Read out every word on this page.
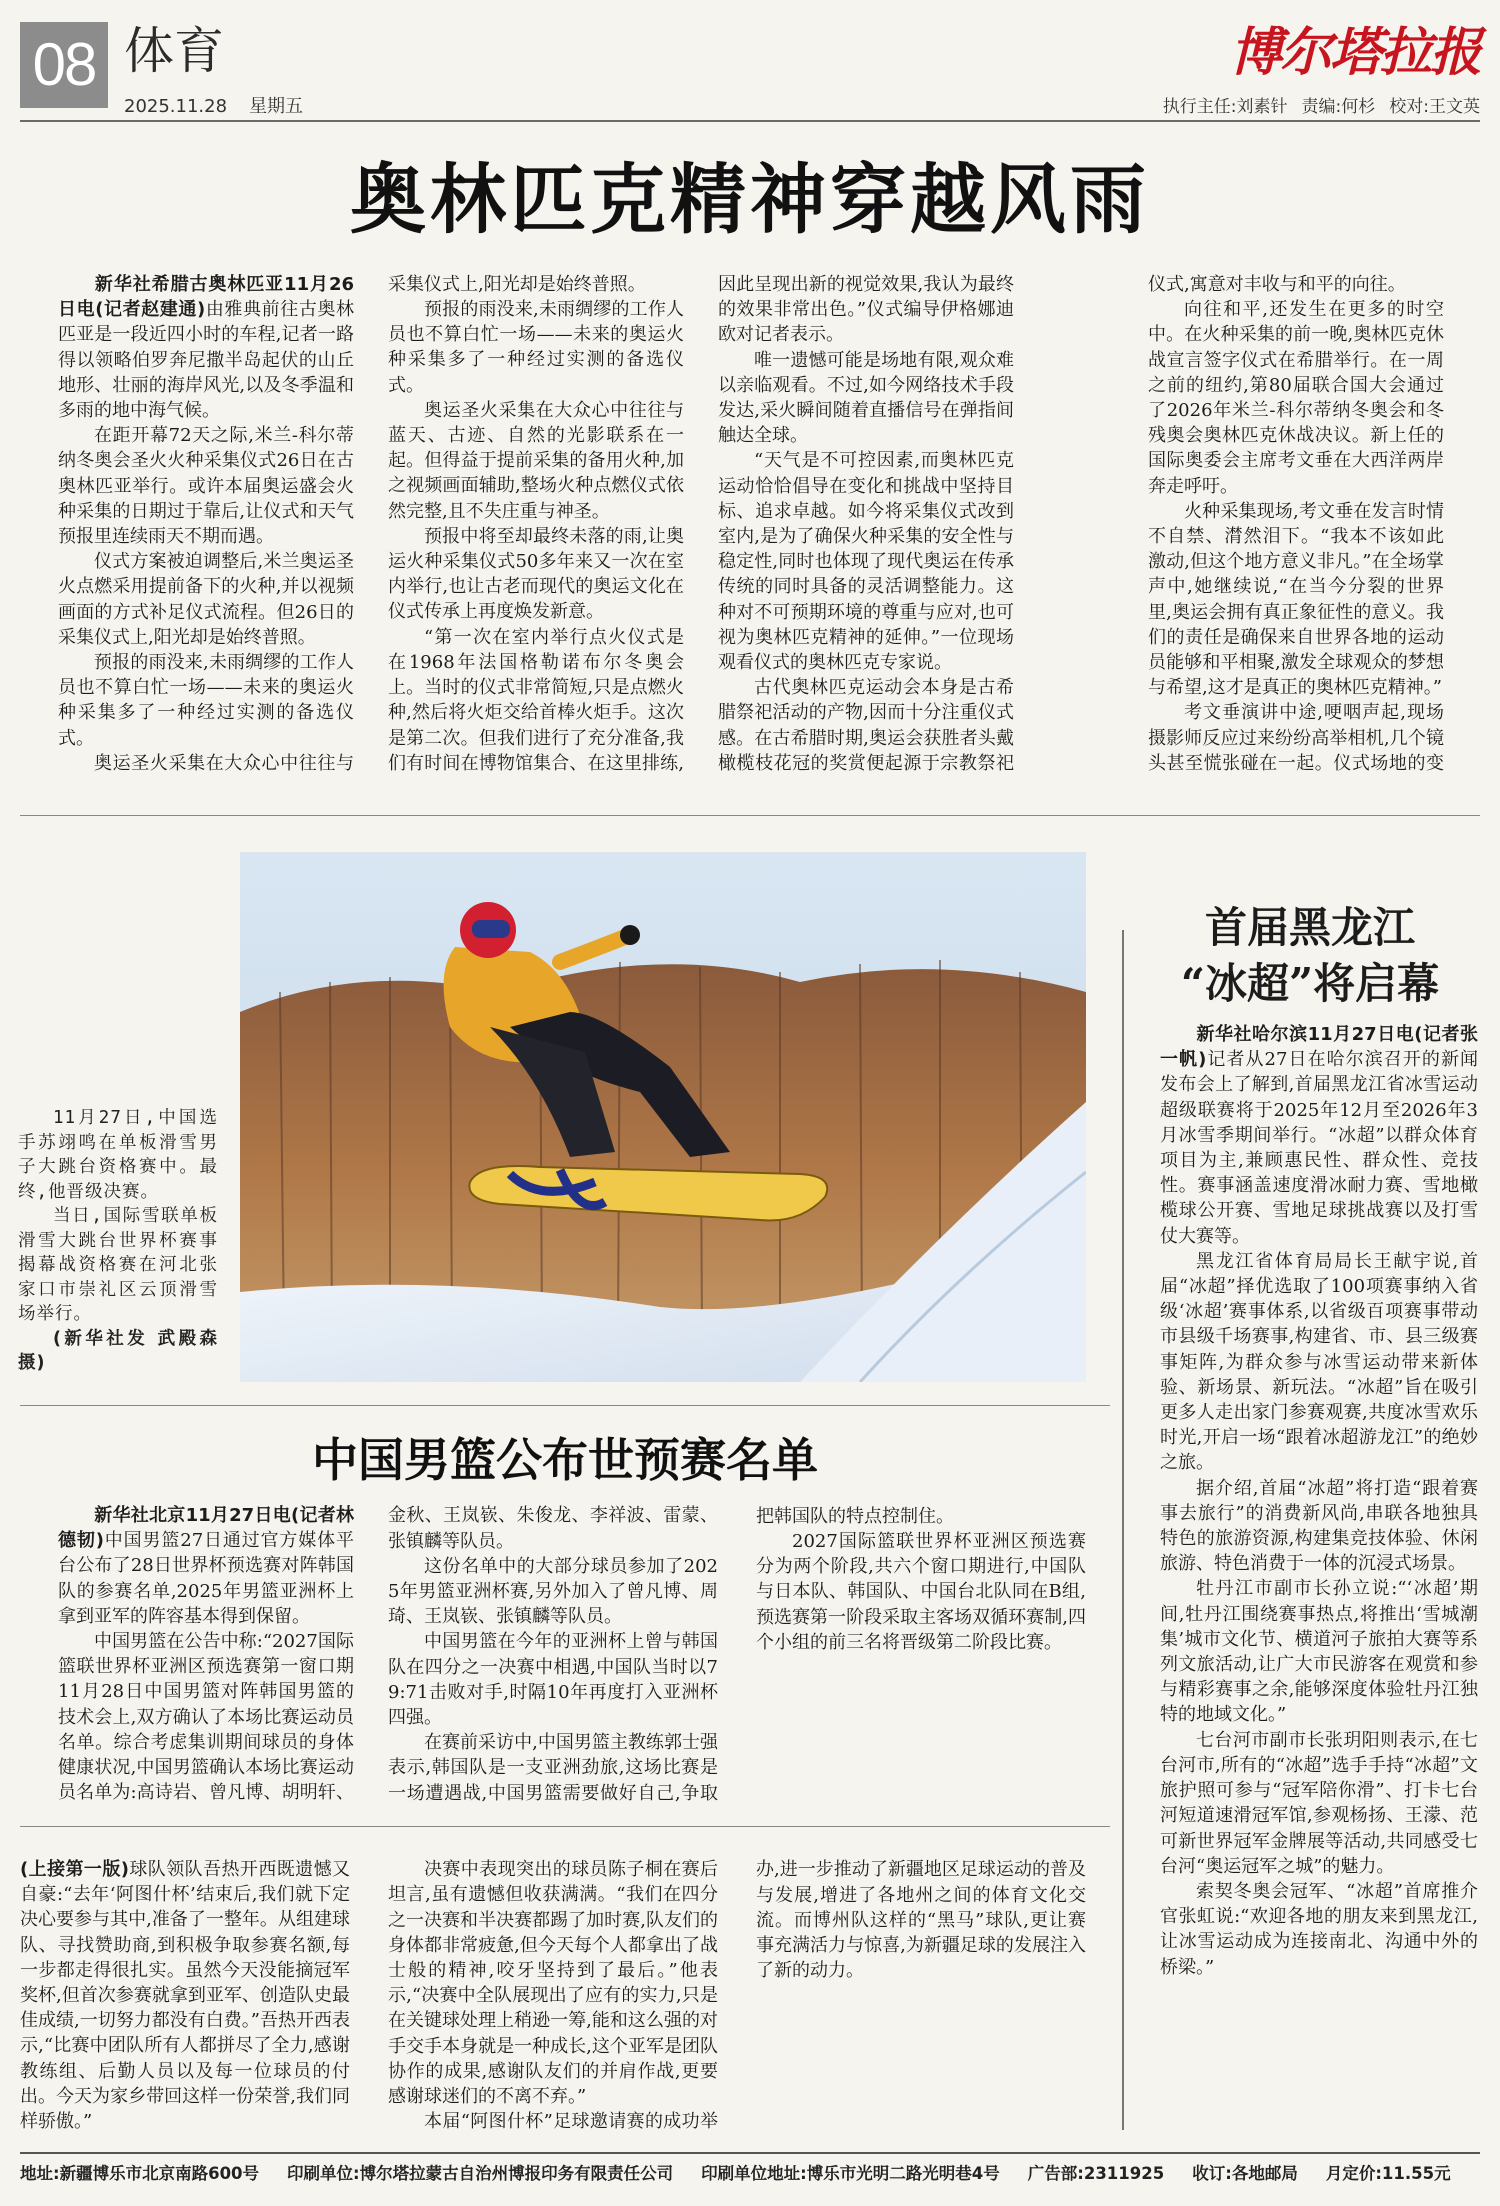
08 体育
2025.11.28 星期五
博尔塔拉报
执行主任:刘素针 责编:何杉 校对:王文英
奥林匹克精神穿越风雨

新华社希腊古奥林匹亚11月26日电(记者赵建通)由雅典前往古奥林匹亚是一段近四小时的车程,记者一路得以领略伯罗奔尼撒半岛起伏的山丘地形、壮丽的海岸风光,以及冬季温和多雨的地中海气候。

在距开幕72天之际,米兰-科尔蒂纳冬奥会圣火火种采集仪式26日在古奥林匹亚举行。或许本届奥运盛会火种采集的日期过于靠后,让仪式和天气预报里连续雨天不期而遇。

仪式方案被迫调整后,米兰奥运圣火点燃采用提前备下的火种,并以视频画面的方式补足仪式流程。但26日的采集仪式上,阳光却是始终普照。

预报的雨没来,未雨绸缪的工作人员也不算白忙一场——未来的奥运火种采集多了一种经过实测的备选仪式。

奥运圣火采集在大众心中往往与

采集仪式上,阳光却是始终普照。

预报的雨没来,未雨绸缪的工作人员也不算白忙一场——未来的奥运火种采集多了一种经过实测的备选仪式。

奥运圣火采集在大众心中往往与蓝天、古迹、自然的光影联系在一起。但得益于提前采集的备用火种,加之视频画面辅助,整场火种点燃仪式依然完整,且不失庄重与神圣。

预报中将至却最终未落的雨,让奥运火种采集仪式50多年来又一次在室内举行,也让古老而现代的奥运文化在仪式传承上再度焕发新意。

“第一次在室内举行点火仪式是在1968年法国格勒诺布尔冬奥会上。当时的仪式非常简短,只是点燃火种,然后将火炬交给首棒火炬手。这次是第二次。但我们进行了充分准备,我们有时间在博物馆集合、在这里排练,

因此呈现出新的视觉效果,我认为最终的效果非常出色。”仪式编导伊格娜迪欧对记者表示。

唯一遗憾可能是场地有限,观众难以亲临观看。不过,如今网络技术手段发达,采火瞬间随着直播信号在弹指间触达全球。

“天气是不可控因素,而奥林匹克运动恰恰倡导在变化和挑战中坚持目标、追求卓越。如今将采集仪式改到室内,是为了确保火种采集的安全性与稳定性,同时也体现了现代奥运在传承传统的同时具备的灵活调整能力。这种对不可预期环境的尊重与应对,也可视为奥林匹克精神的延伸。”一位现场观看仪式的奥林匹克专家说。

古代奥林匹克运动会本身是古希腊祭祀活动的产物,因而十分注重仪式感。在古希腊时期,奥运会获胜者头戴橄榄枝花冠的奖赏便起源于宗教祭祀

仪式,寓意对丰收与和平的向往。

向往和平,还发生在更多的时空中。在火种采集的前一晚,奥林匹克休战宣言签字仪式在希腊举行。在一周之前的纽约,第80届联合国大会通过了2026年米兰-科尔蒂纳冬奥会和冬残奥会奥林匹克休战决议。新上任的国际奥委会主席考文垂在大西洋两岸奔走呼吁。

火种采集现场,考文垂在发言时情不自禁、潸然泪下。“我本不该如此激动,但这个地方意义非凡。”在全场掌声中,她继续说,“在当今分裂的世界里,奥运会拥有真正象征性的意义。我们的责任是确保来自世界各地的运动员能够和平相聚,激发全球观众的梦想与希望,这才是真正的奥林匹克精神。”

考文垂演讲中途,哽咽声起,现场摄影师反应过来纷纷高举相机,几个镜头甚至慌张碰在一起。仪式场地的变

11月27日,中国选手苏翊鸣在单板滑雪男子大跳台资格赛中。最终,他晋级决赛。

当日,国际雪联单板滑雪大跳台世界杯赛事揭幕战资格赛在河北张家口市崇礼区云顶滑雪场举行。

(新华社发 武殿森 摄)

中国男篮公布世预赛名单

新华社北京11月27日电(记者林德韧)中国男篮27日通过官方媒体平台公布了28日世界杯预选赛对阵韩国队的参赛名单,2025年男篮亚洲杯上拿到亚军的阵容基本得到保留。

中国男篮在公告中称:“2027国际篮联世界杯亚洲区预选赛第一窗口期11月28日中国男篮对阵韩国男篮的技术会上,双方确认了本场比赛运动员名单。综合考虑集训期间球员的身体健康状况,中国男篮确认本场比赛运动员名单为:高诗岩、曾凡博、胡明轩、

金秋、王岚嵚、朱俊龙、李祥波、雷蒙、张镇麟等队员。

这份名单中的大部分球员参加了2025年男篮亚洲杯赛,另外加入了曾凡博、周琦、王岚嵚、张镇麟等队员。

中国男篮在今年的亚洲杯上曾与韩国队在四分之一决赛中相遇,中国队当时以79:71击败对手,时隔10年再度打入亚洲杯四强。

在赛前采访中,中国男篮主教练郭士强表示,韩国队是一支亚洲劲旅,这场比赛是一场遭遇战,中国男篮需要做好自己,争取

把韩国队的特点控制住。

2027国际篮联世界杯亚洲区预选赛分为两个阶段,共六个窗口期进行,中国队与日本队、韩国队、中国台北队同在B组,预选赛第一阶段采取主客场双循环赛制,四个小组的前三名将晋级第二阶段比赛。

(上接第一版)球队领队吾热开西既遗憾又自豪:“去年‘阿图什杯’结束后,我们就下定决心要参与其中,准备了一整年。从组建球队、寻找赞助商,到积极争取参赛名额,每一步都走得很扎实。虽然今天没能摘冠军奖杯,但首次参赛就拿到亚军、创造队史最佳成绩,一切努力都没有白费。”吾热开西表示,“比赛中团队所有人都拼尽了全力,感谢教练组、后勤人员以及每一位球员的付出。今天为家乡带回这样一份荣誉,我们同样骄傲。”

决赛中表现突出的球员陈子桐在赛后坦言,虽有遗憾但收获满满。“我们在四分之一决赛和半决赛都踢了加时赛,队友们的身体都非常疲惫,但今天每个人都拿出了战士般的精神,咬牙坚持到了最后。”他表示,“决赛中全队展现出了应有的实力,只是在关键球处理上稍逊一筹,能和这么强的对手交手本身就是一种成长,这个亚军是团队协作的成果,感谢队友们的并肩作战,更要感谢球迷们的不离不弃。”

本届“阿图什杯”足球邀请赛的成功举

办,进一步推动了新疆地区足球运动的普及与发展,增进了各地州之间的体育文化交流。而博州队这样的“黑马”球队,更让赛事充满活力与惊喜,为新疆足球的发展注入了新的动力。

首届黑龙江
“冰超”将启幕

新华社哈尔滨11月27日电(记者张一帆)记者从27日在哈尔滨召开的新闻发布会上了解到,首届黑龙江省冰雪运动超级联赛将于2025年12月至2026年3月冰雪季期间举行。“冰超”以群众体育项目为主,兼顾惠民性、群众性、竞技性。赛事涵盖速度滑冰耐力赛、雪地橄榄球公开赛、雪地足球挑战赛以及打雪仗大赛等。

黑龙江省体育局局长王献宇说,首届“冰超”择优选取了100项赛事纳入省级‘冰超’赛事体系,以省级百项赛事带动市县级千场赛事,构建省、市、县三级赛事矩阵,为群众参与冰雪运动带来新体验、新场景、新玩法。“冰超”旨在吸引更多人走出家门参赛观赛,共度冰雪欢乐时光,开启一场“跟着冰超游龙江”的绝妙之旅。

据介绍,首届“冰超”将打造“跟着赛事去旅行”的消费新风尚,串联各地独具特色的旅游资源,构建集竞技体验、休闲旅游、特色消费于一体的沉浸式场景。

牡丹江市副市长孙立说:“‘冰超’期间,牡丹江围绕赛事热点,将推出‘雪城潮集’城市文化节、横道河子旅拍大赛等系列文旅活动,让广大市民游客在观赏和参与精彩赛事之余,能够深度体验牡丹江独特的地域文化。”

七台河市副市长张玥阳则表示,在七台河市,所有的“冰超”选手手持“冰超”文旅护照可参与“冠军陪你滑”、打卡七台河短道速滑冠军馆,参观杨扬、王濛、范可新世界冠军金牌展等活动,共同感受七台河“奥运冠军之城”的魅力。

索契冬奥会冠军、“冰超”首席推介官张虹说:“欢迎各地的朋友来到黑龙江,让冰雪运动成为连接南北、沟通中外的桥梁。”

地址:新疆博乐市北京南路600号 印刷单位:博尔塔拉蒙古自治州博报印务有限责任公司 印刷单位地址:博乐市光明二路光明巷4号 广告部:2311925 收订:各地邮局 月定价:11.55元
